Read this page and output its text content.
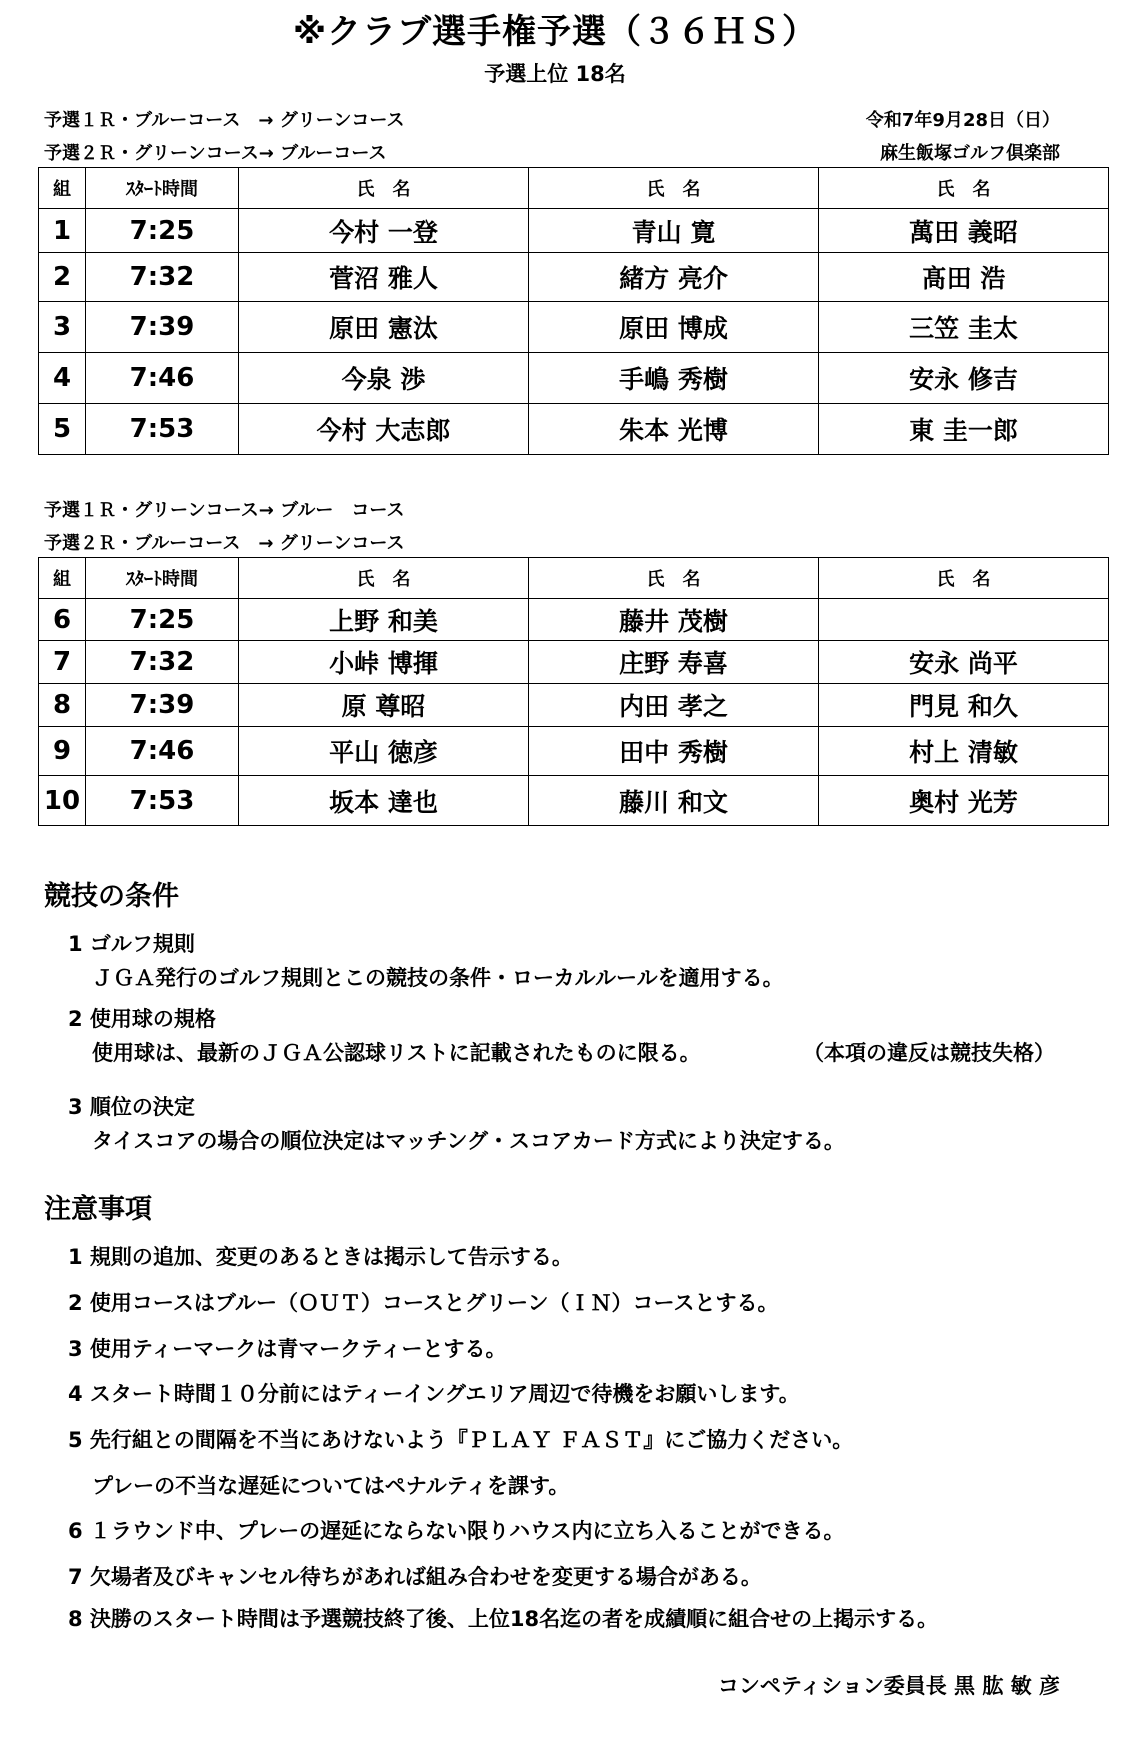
※クラブ選手権予選（３６ＨＳ）
予選上位 18名
予選１Ｒ・ブルーコース　→ グリーンコース	令和7年9月28日（日）
予選２Ｒ・グリーンコース→ ブルーコース	麻生飯塚ゴルフ倶楽部
組	ｽﾀｰﾄ時間	氏　名	氏　名	氏　名
1	7:25	今村 一登	青山 寛	萬田 義昭
2	7:32	菅沼 雅人	緒方 亮介	髙田 浩
3	7:39	原田 憲汰	原田 博成	三笠 圭太
4	7:46	今泉 渉	手嶋 秀樹	安永 修吉
5	7:53	今村 大志郎	朱本 光博	東 圭一郎
予選１Ｒ・グリーンコース→ ブルー　コース
予選２Ｒ・ブルーコース　→ グリーンコース
組	ｽﾀｰﾄ時間	氏　名	氏　名	氏　名
6	7:25	上野 和美	藤井 茂樹	
7	7:32	小峠 博揮	庄野 寿喜	安永 尚平
8	7:39	原 尊昭	内田 孝之	門見 和久
9	7:46	平山 徳彦	田中 秀樹	村上 清敏
10	7:53	坂本 達也	藤川 和文	奥村 光芳
競技の条件
1 ゴルフ規則
ＪＧＡ発行のゴルフ規則とこの競技の条件・ローカルルールを適用する。
2 使用球の規格
使用球は、最新のＪＧＡ公認球リストに記載されたものに限る。	（本項の違反は競技失格）
3 順位の決定
タイスコアの場合の順位決定はマッチング・スコアカード方式により決定する。
注意事項
1 規則の追加、変更のあるときは掲示して告示する。
2 使用コースはブルー（ＯＵＴ）コースとグリーン（ＩＮ）コースとする。
3 使用ティーマークは青マークティーとする。
4 スタート時間１０分前にはティーイングエリア周辺で待機をお願いします。
5 先行組との間隔を不当にあけないよう『ＰＬＡＹ ＦＡＳＴ』にご協力ください。
プレーの不当な遅延についてはペナルティを課す。
6 １ラウンド中、プレーの遅延にならない限りハウス内に立ち入ることができる。
7 欠場者及びキャンセル待ちがあれば組み合わせを変更する場合がある。
8 決勝のスタート時間は予選競技終了後、上位18名迄の者を成績順に組合せの上掲示する。
コンペティション委員長 黒 肱 敏 彦
